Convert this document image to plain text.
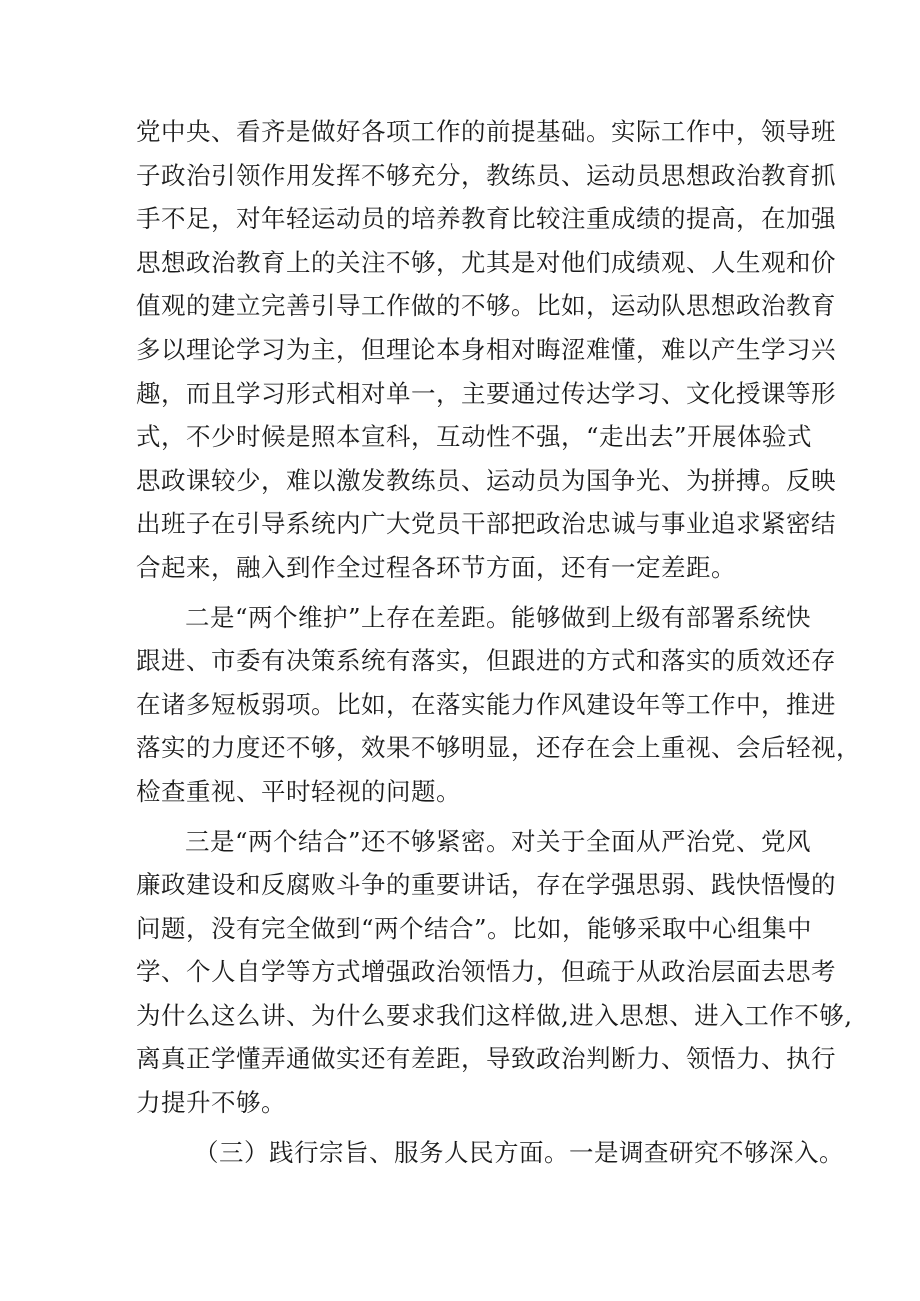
党中央、看齐是做好各项工作的前提基础。实际工作中，领导班
子政治引领作用发挥不够充分，教练员、运动员思想政治教育抓
手不足，对年轻运动员的培养教育比较注重成绩的提高，在加强
思想政治教育上的关注不够，尤其是对他们成绩观、人生观和价
值观的建立完善引导工作做的不够。比如，运动队思想政治教育
多以理论学习为主，但理论本身相对晦涩难懂，难以产生学习兴
趣，而且学习形式相对单一，主要通过传达学习、文化授课等形
式，不少时候是照本宣科，互动性不强，“走出去”开展体验式
思政课较少，难以激发教练员、运动员为国争光、为拼搏。反映
出班子在引导系统内广大党员干部把政治忠诚与事业追求紧密结
合起来，融入到作全过程各环节方面，还有一定差距。
二是“两个维护”上存在差距。能够做到上级有部署系统快
跟进、市委有决策系统有落实，但跟进的方式和落实的质效还存
在诸多短板弱项。比如，在落实能力作风建设年等工作中，推进
落实的力度还不够，效果不够明显，还存在会上重视、会后轻视，
检查重视、平时轻视的问题。
三是“两个结合”还不够紧密。对关于全面从严治党、党风
廉政建设和反腐败斗争的重要讲话，存在学强思弱、践快悟慢的
问题，没有完全做到“两个结合”。比如，能够采取中心组集中
学、个人自学等方式增强政治领悟力，但疏于从政治层面去思考
为什么这么讲、为什么要求我们这样做,进入思想、进入工作不够,
离真正学懂弄通做实还有差距，导致政治判断力、领悟力、执行
力提升不够。
（三）践行宗旨、服务人民方面。一是调查研究不够深入。
